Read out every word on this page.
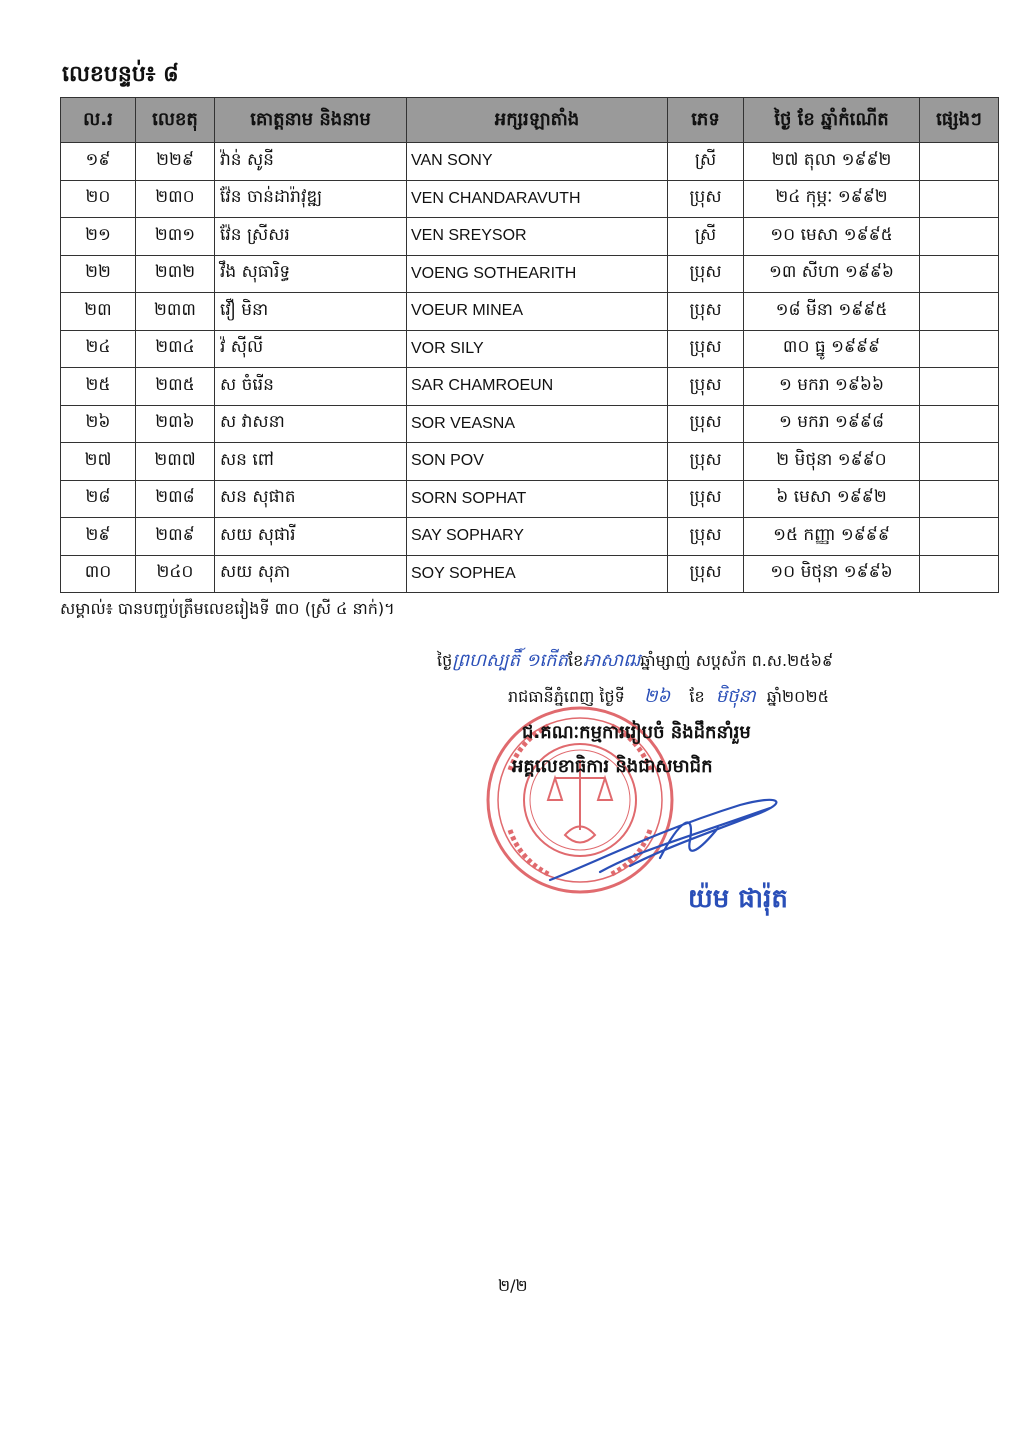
លេខបន្ទប់៖ ៨
ល.រ	លេខតុ	គោត្តនាម និងនាម	អក្សរឡាតាំង	ភេទ	ថ្ងៃ ខែ ឆ្នាំកំណើត	ផ្សេងៗ
១៩	២២៩	វ៉ាន់ សូនី	VAN SONY	ស្រី	២៧ តុលា ១៩៩២	
២០	២៣០	វ៉ែន ចាន់ដារ៉ាវុឌ្ឍ	VEN CHANDARAVUTH	ប្រុស	២៤ កុម្ភៈ ១៩៩២	
២១	២៣១	វ៉ែន ស្រីសរ	VEN SREYSOR	ស្រី	១០ មេសា ១៩៩៥	
២២	២៣២	វឹង សុធារិទ្ធ	VOENG SOTHEARITH	ប្រុស	១៣ សីហា ១៩៩៦	
២៣	២៣៣	វឿ មិនា	VOEUR MINEA	ប្រុស	១៨ មីនា ១៩៩៥	
២៤	២៣៤	វ៉ ស៊ីលី	VOR SILY	ប្រុស	៣០ ធ្នូ ១៩៩៩	
២៥	២៣៥	ស ចំរើន	SAR CHAMROEUN	ប្រុស	១ មករា ១៩៦៦	
២៦	២៣៦	ស វាសនា	SOR VEASNA	ប្រុស	១ មករា ១៩៩៨	
២៧	២៣៧	សន ពៅ	SON POV	ប្រុស	២ មិថុនា ១៩៩០	
២៨	២៣៨	សន សុផាត	SORN SOPHAT	ប្រុស	៦ មេសា ១៩៩២	
២៩	២៣៩	សយ សុផារី	SAY SOPHARY	ប្រុស	១៥ កញ្ញា ១៩៩៩	
៣០	២៤០	សយ សុភា	SOY SOPHEA	ប្រុស	១០ មិថុនា ១៩៩៦	
សម្គាល់៖ បានបញ្ចប់ត្រឹមលេខរៀងទី ៣០ (ស្រី ៤ នាក់)។
ថ្ងៃព្រហស្បតិ៍ ១កើតខែអាសាឍឆ្នាំម្សាញ់ សប្តស័ក ព.ស.២៥៦៩
រាជធានីភ្នំពេញ ថ្ងៃទី ២៦ ខែ មិថុនា ឆ្នាំ២០២៥
ជ.គណៈកម្មការរៀបចំ និងដឹកនាំរួម
អគ្គលេខាធិការ និងជាសមាជិក
យ៉ម ផារ៉ុត
២/២
